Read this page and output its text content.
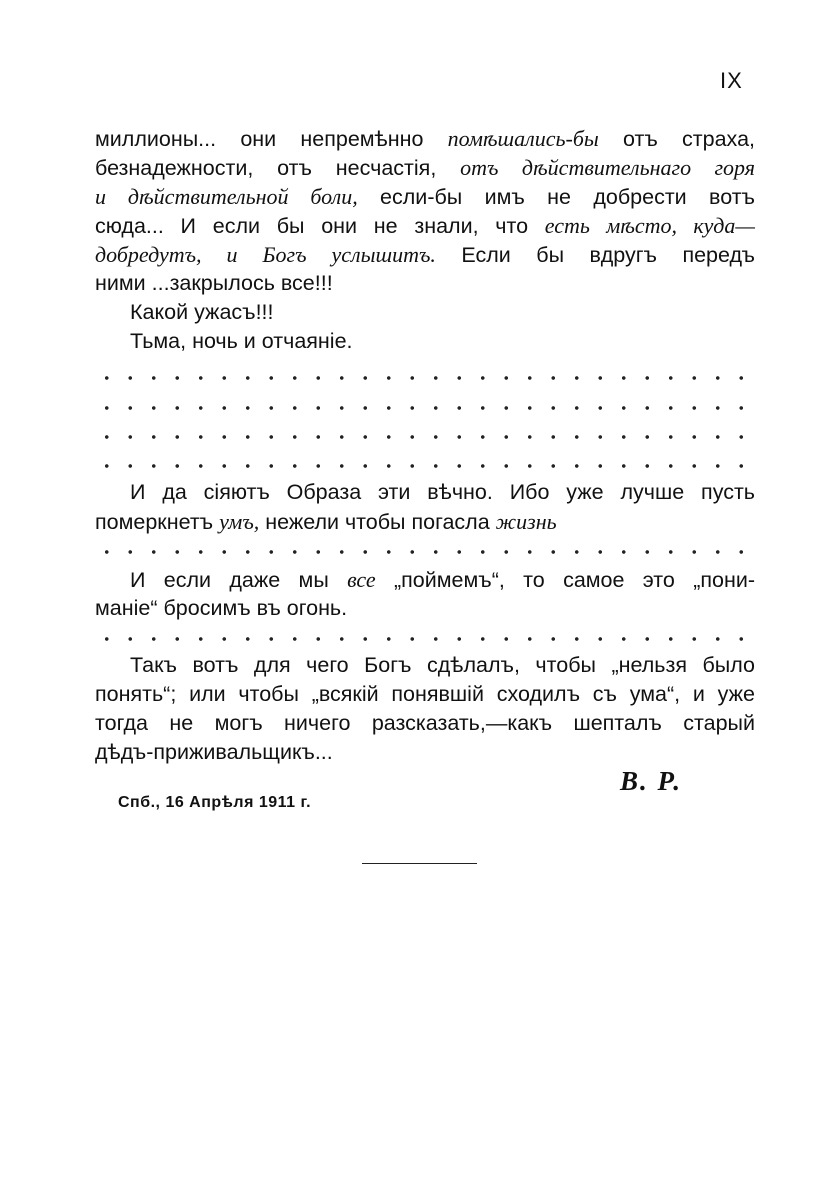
IX
миллионы... они непремѣнно помѣшались-бы отъ страха,
безнадежности, отъ несчастія, отъ дѣйствительнаго горя
и дѣйствительной боли, если-бы имъ не добрести вотъ
сюда... И если бы они не знали, что есть мѣсто, куда—
добредутъ, и Богъ услышитъ. Если бы вдругъ передъ
ними ...закрылось все!!!
Какой ужасъ!!!
Тьма, ночь и отчаяніе.
И да сіяютъ Образа эти вѣчно. Ибо уже лучше пусть
померкнетъ умъ, нежели чтобы погасла жизнь
И если даже мы все „поймемъ“, то самое это „пони-
маніе“ бросимъ въ огонь.
Такъ вотъ для чего Богъ сдѣлалъ, чтобы „нельзя было
понять“; или чтобы „всякій понявшій сходилъ съ ума“, и уже
тогда не могъ ничего разсказать,—какъ шепталъ старый
дѣдъ-приживальщикъ...
В. Р.
Спб., 16 Апрѣля 1911 г.
